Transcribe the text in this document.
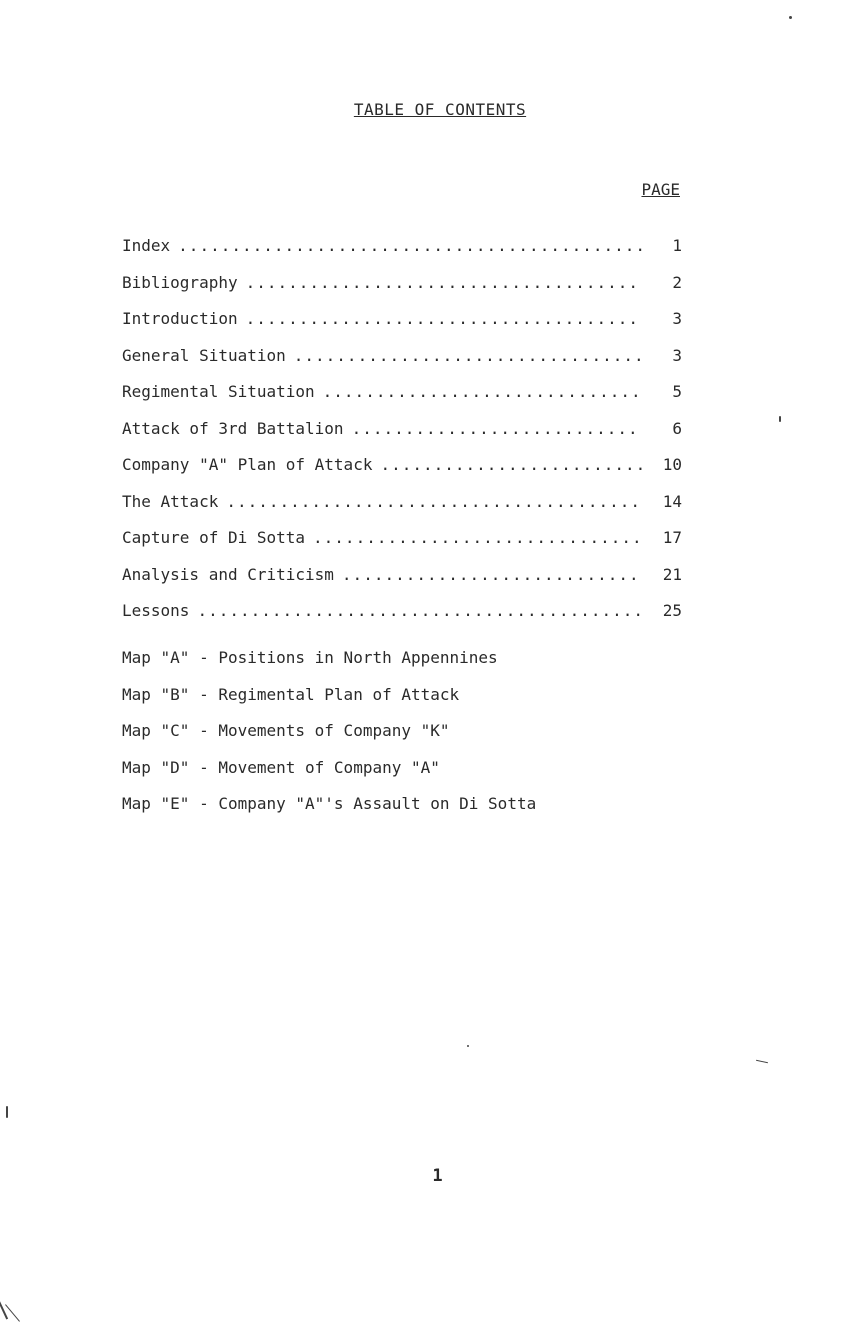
TABLE OF CONTENTS
PAGE
Index .....	1
Bibliography .....	2
Introduction .....	3
General Situation .....	3
Regimental Situation .....	5
Attack of 3rd Battalion .....	6
Company "A" Plan of Attack .....	10
The Attack .....	14
Capture of Di Sotta .....	17
Analysis and Criticism .....	21
Lessons .....	25
Map "A" - Positions in North Appennines
Map "B" - Regimental Plan of Attack
Map "C" - Movements of Company "K"
Map "D" - Movement of Company "A"
Map "E" - Company "A"'s Assault on Di Sotta
1
